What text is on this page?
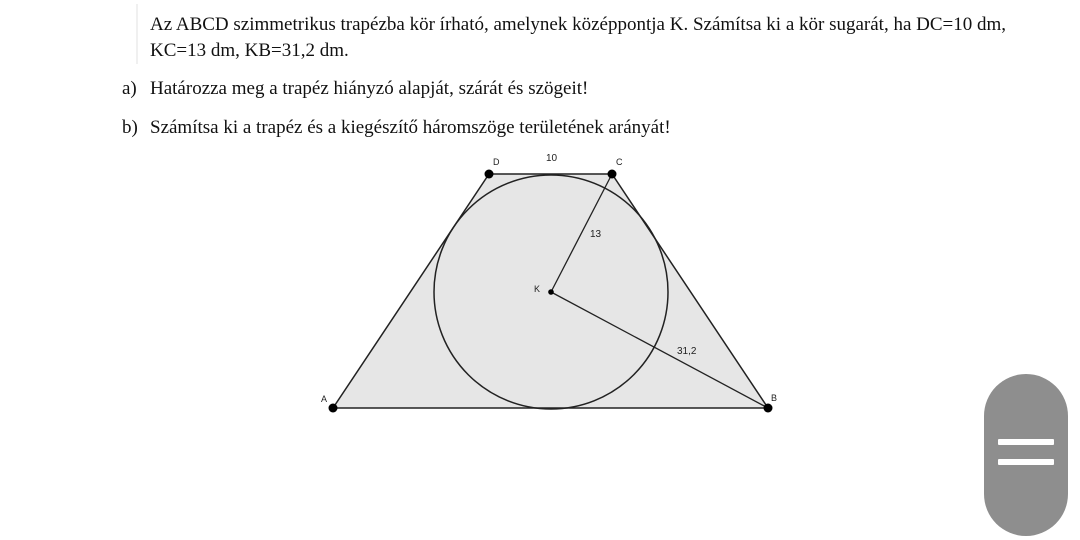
Az ABCD szimmetrikus trapézba kör írható, amelynek középpontja K. Számítsa ki a kör sugarát, ha DC=10 dm, KC=13 dm, KB=31,2 dm.
a) Határozza meg a trapéz hiányzó alapját, szárát és szögeit!
b) Számítsa ki a trapéz és a kiegészítő háromszöge területének arányát!
A	B
C
D
K
10
13
31,2
